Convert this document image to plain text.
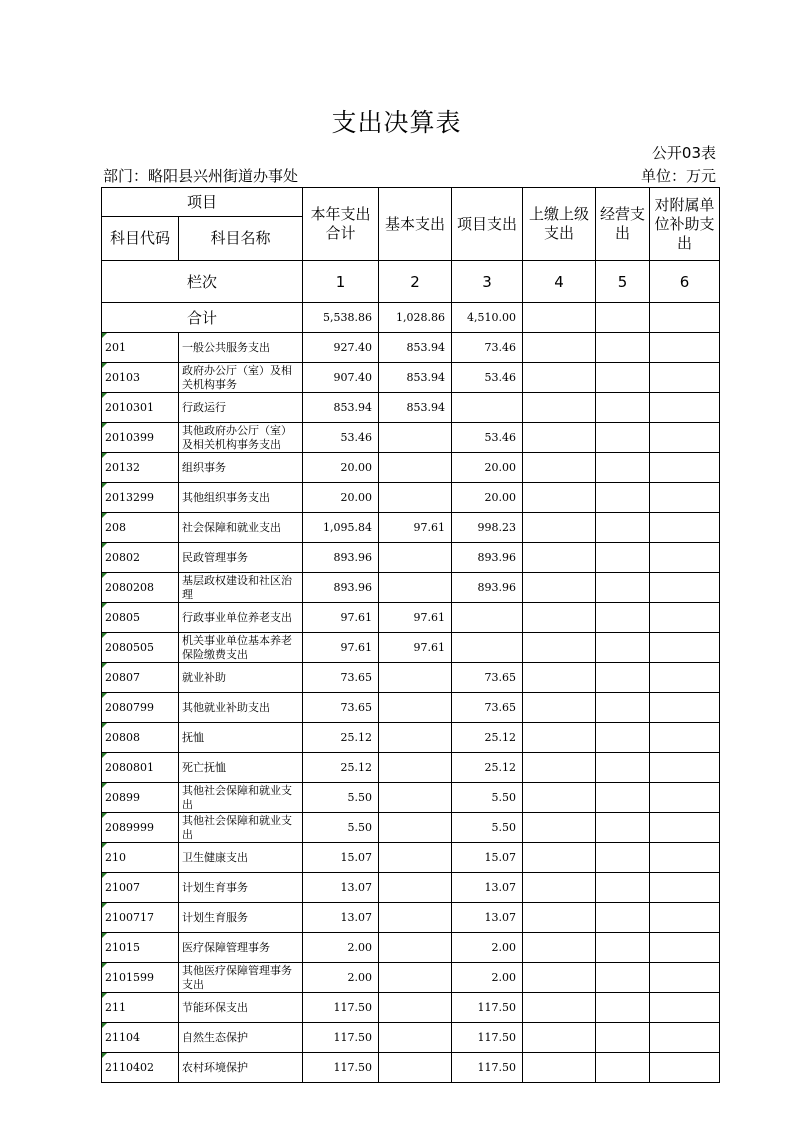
支出决算表
公开03表
部门：略阳县兴州街道办事处	单位：万元
项目		本年支出合计	基本支出	项目支出	上缴上级支出	经营支出	对附属单位补助支出
科目代码	科目名称						
栏次		1	2	3	4	5	6
合计		5,538.86	1,028.86	4,510.00			
201	一般公共服务支出	927.40	853.94	73.46			
20103	政府办公厅（室）及相关机构事务	907.40	853.94	53.46			
2010301	行政运行	853.94	853.94				
2010399	其他政府办公厅（室）及相关机构事务支出	53.46		53.46			
20132	组织事务	20.00		20.00			
2013299	其他组织事务支出	20.00		20.00			
208	社会保障和就业支出	1,095.84	97.61	998.23			
20802	民政管理事务	893.96		893.96			
2080208	基层政权建设和社区治理	893.96		893.96			
20805	行政事业单位养老支出	97.61	97.61				
2080505	机关事业单位基本养老保险缴费支出	97.61	97.61				
20807	就业补助	73.65		73.65			
2080799	其他就业补助支出	73.65		73.65			
20808	抚恤	25.12		25.12			
2080801	死亡抚恤	25.12		25.12			
20899	其他社会保障和就业支出	5.50		5.50			
2089999	其他社会保障和就业支出	5.50		5.50			
210	卫生健康支出	15.07		15.07			
21007	计划生育事务	13.07		13.07			
2100717	计划生育服务	13.07		13.07			
21015	医疗保障管理事务	2.00		2.00			
2101599	其他医疗保障管理事务支出	2.00		2.00			
211	节能环保支出	117.50		117.50			
21104	自然生态保护	117.50		117.50			
2110402	农村环境保护	117.50		117.50			
